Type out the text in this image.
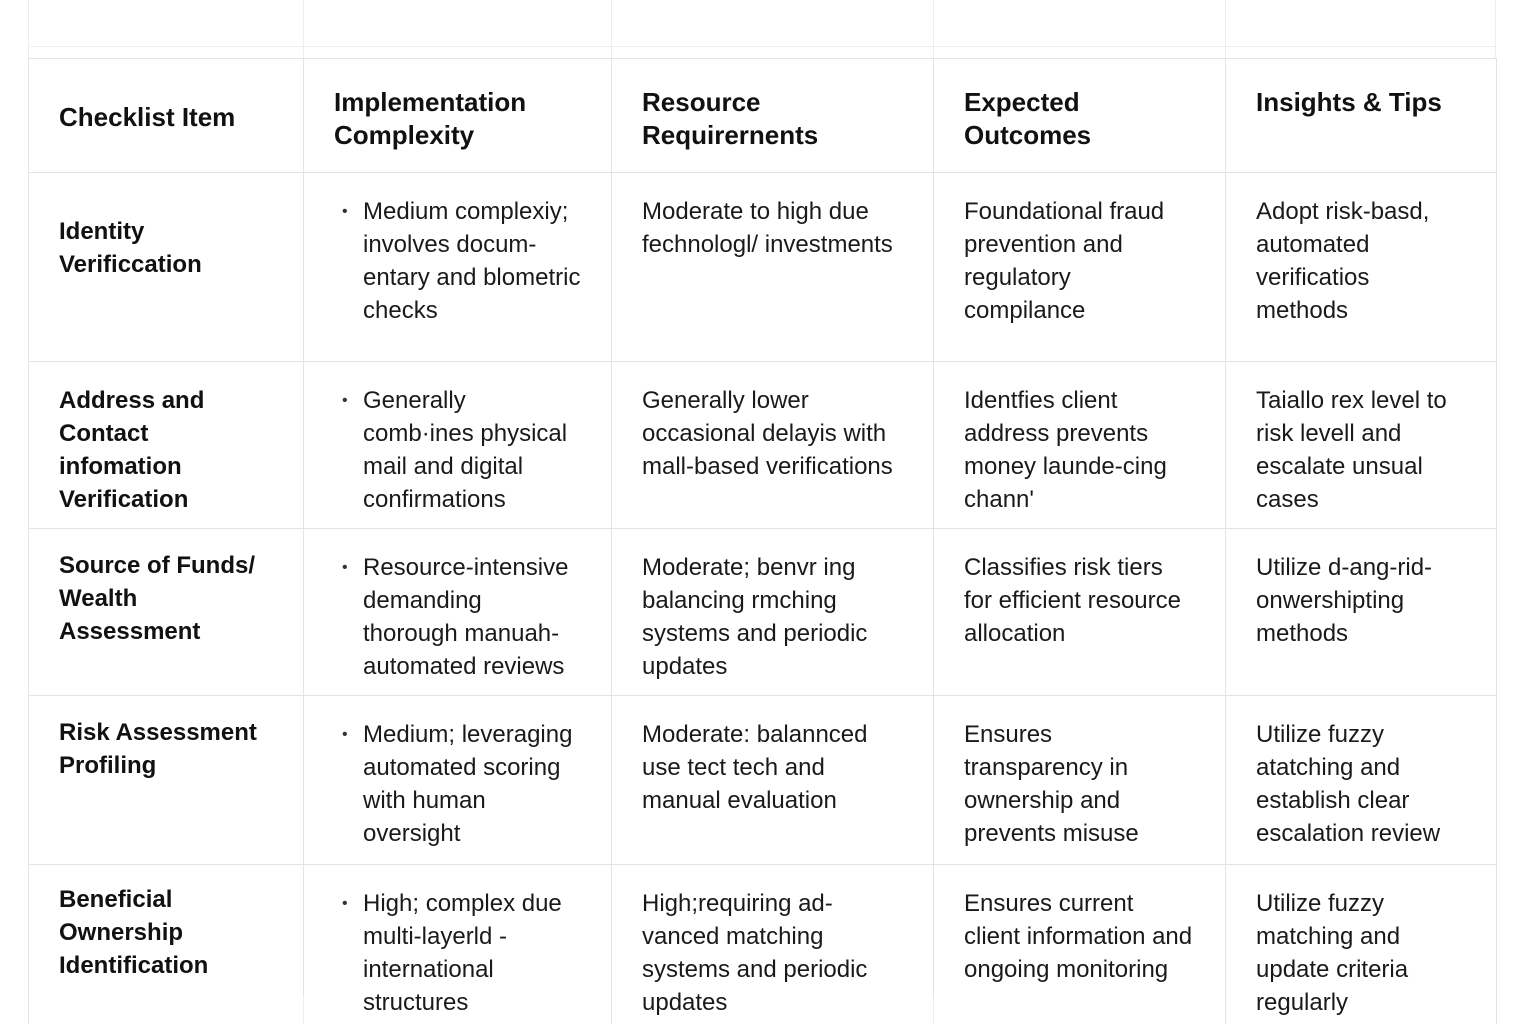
Checklist Item	Implementation Complexity	Resource Requirernents	Expected Outcomes	Insights & Tips
Identity Verificcation	• Medium complexiy; involves docum-entary and blometric checks	Moderate to high due fechnologl/ investments	Foundational fraud prevention and regulatory compilance	Adopt risk-basd, automated verificatios methods
Address and Contact infomation Verification	• Generally comb·ines physical mail and digital confirmations	Generally lower occasional delayis with mall-based verifications	Identfies client address prevents money launde-cing chann'	Taiallo rex level to risk levell and escalate unsual cases
Source of Funds/ Wealth Assessment	• Resource-intensive demanding thorough manuah-automated reviews	Moderate; benvr ing balancing rmching systems and periodic updates	Classifies risk tiers for efficient resource allocation	Utilize d-ang-rid-onwershipting methods
Risk Assessment Profiling	• Medium; leveraging automated scoring with human oversight	Moderate: balannced use tect tech and manual evaluation	Ensures transparency in ownership and prevents misuse	Utilize fuzzy atatching and establish clear escalation review
Beneficial Ownership Identification	• High; complex due multi-layerld - international structures	High;requiring ad-vanced matching systems and periodic updates	Ensures current client information and ongoing monitoring	Utilize fuzzy matching and update criteria regularly
